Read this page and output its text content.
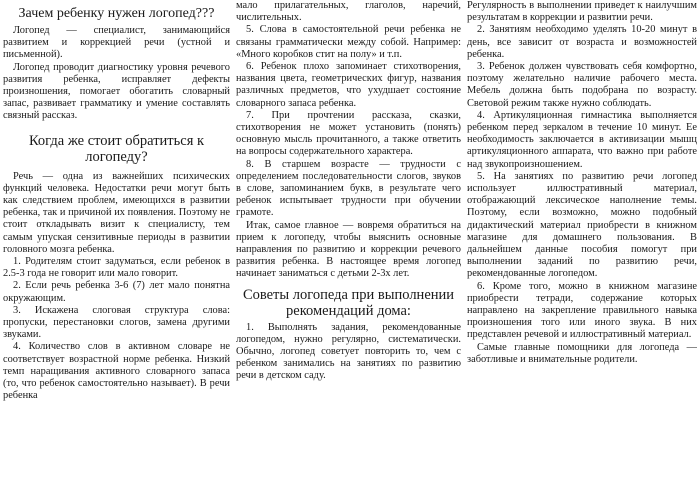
Зачем ребенку нужен логопед???

Логопед — специалист, занимающийся развитием и коррекцией речи (устной и письменной).

Логопед проводит диагностику уровня речевого развития ребенка, исправляет дефекты произношения, помогает обогатить словарный запас, развивает грамматику и умение составлять связный рассказ.

Когда же стоит обратиться к логопеду?

Речь — одна из важнейших психических функций человека. Недостатки речи могут быть как следствием проблем, имеющихся в развитии ребенка, так и причиной их появления. Поэтому не стоит откладывать визит к специалисту, тем самым упуская сензитивные периоды в развитии головного мозга ребенка.

1. Родителям стоит задуматься, если ребенок в 2.5-3 года не говорит или мало говорит.

2. Если речь ребенка 3-6 (7) лет мало понятна окружающим.

3. Искажена слоговая структура слова: пропуски, перестановки слогов, замена другими звуками.

4. Количество слов в активном словаре не соответствует возрастной норме ребенка. Низкий темп наращивания активного словарного запаса (то, что ребенок самостоятельно называет). В речи ребенка

мало прилагательных, глаголов, наречий, числительных.

5. Слова в самостоятельной речи ребенка не связаны грамматически между собой. Например: «Много коробков стит на полу» и т.п.

6. Ребенок плохо запоминает стихотворения, названия цвета, геометрических фигур, названия различных предметов, что ухудшает состояние словарного запаса ребенка.

7. При прочтении рассказа, сказки, стихотворения не может установить (понять) основную мысль прочитанного, а также ответить на вопросы содержательного характера.

8. В старшем возрасте — трудности с определением последовательности слогов, звуков в слове, запоминанием букв, в результате чего ребенок испытывает трудности при обучении грамоте.

Итак, самое главное — вовремя обратиться на прием к логопеду, чтобы выяснить основные направления по развитию и коррекции речевого развития ребенка. В настоящее время логопед начинает заниматься с детьми 2-3х лет.

Советы логопеда при выполнении рекомендаций дома:

1. Выполнять задания, рекомендованные логопедом, нужно регулярно, систематически. Обычно, логопед советует повторить то, чем с ребенком занимались на занятиях по развитию речи в детском саду.

Регулярность в выполнении приведет к наилучшим результатам в коррекции и развитии речи.

2. Занятиям необходимо уделять 10-20 минут в день, все зависит от возраста и возможностей ребенка.

3. Ребенок должен чувствовать себя комфортно, поэтому желательно наличие рабочего места. Мебель должна быть подобрана по возрасту. Световой режим также нужно соблюдать.

4. Артикуляционная гимнастика выполняется ребенком перед зеркалом в течение 10 минут. Ее необходимость заключается в активизации мышц артикуляционного аппарата, что важно при работе над звукопроизношением.

5. На занятиях по развитию речи логопед использует иллюстративный материал, отображающий лексическое наполнение темы. Поэтому, если возможно, можно подобный дидактический материал приобрести в книжном магазине для домашнего пользования. В дальнейшем данные пособия помогут при выполнении заданий по развитию речи, рекомендованные логопедом.

6. Кроме того, можно в книжном магазине приобрести тетради, содержание которых направлено на закрепление правильного навыка произношения того или иного звука. В них представлен речевой и иллюстративный материал.

Самые главные помощники для логопеда — заботливые и внимательные родители.
